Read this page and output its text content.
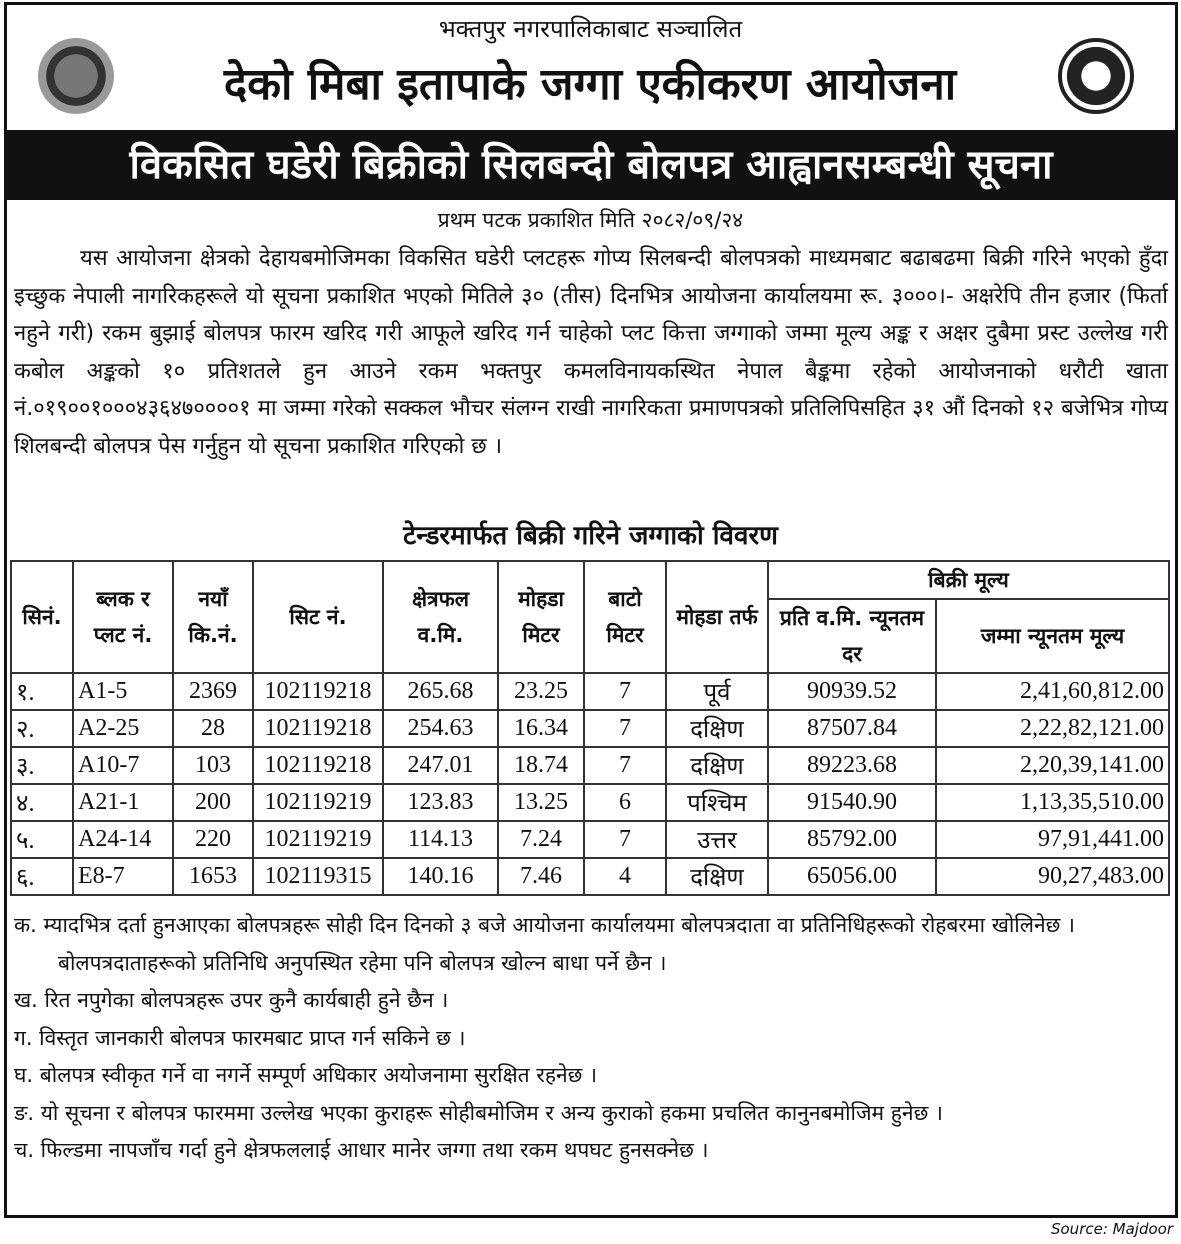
भक्तपुर नगरपालिकाबाट सञ्चालित
देको मिबा इतापाके जग्गा एकीकरण आयोजना
विकसित घडेरी बिक्रीको सिलबन्दी बोलपत्र आह्वानसम्बन्धी सूचना
प्रथम पटक प्रकाशित मिति २०८२/०९/२४
यस आयोजना क्षेत्रको देहायबमोजिमका विकसित घडेरी प्लटहरू गोप्य सिलबन्दी बोलपत्रको माध्यमबाट बढाबढमा बिक्री गरिने भएको हुँदा इच्छुक नेपाली नागरिकहरूले यो सूचना प्रकाशित भएको मितिले ३० (तीस) दिनभित्र आयोजना कार्यालयमा रू. ३०००।- अक्षरेपि तीन हजार (फिर्ता नहुने गरी) रकम बुझाई बोलपत्र फारम खरिद गरी आफूले खरिद गर्न चाहेको प्लट कित्ता जग्गाको जम्मा मूल्य अङ्क र अक्षर दुबैमा प्रस्ट उल्लेख गरी कबोल अङ्कको १० प्रतिशतले हुन आउने रकम भक्तपुर कमलविनायकस्थित नेपाल बैङ्कमा रहेको आयोजनाको धरौटी खाता नं.०१९००१०००४३६४७००००१ मा जम्मा गरेको सक्कल भौचर संलग्न राखी नागरिकता प्रमाणपत्रको प्रतिलिपिसहित ३१ औं दिनको १२ बजेभित्र गोप्य शिलबन्दी बोलपत्र पेस गर्नुहुन यो सूचना प्रकाशित गरिएको छ ।
टेन्डरमार्फत बिक्री गरिने जग्गाको विवरण
सिनं.	ब्लक र प्लट नं.	नयाँ कि.नं.	सिट नं.	क्षेत्रफल व.मि.	मोहडा मिटर	बाटो मिटर	मोहडा तर्फ	बिक्री मूल्य	
								प्रति व.मि. न्यूनतम दर	जम्मा न्यूनतम मूल्य
१.	A1-5	2369	102119218	265.68	23.25	7	पूर्व	90939.52	2,41,60,812.00
२.	A2-25	28	102119218	254.63	16.34	7	दक्षिण	87507.84	2,22,82,121.00
३.	A10-7	103	102119218	247.01	18.74	7	दक्षिण	89223.68	2,20,39,141.00
४.	A21-1	200	102119219	123.83	13.25	6	पश्चिम	91540.90	1,13,35,510.00
५.	A24-14	220	102119219	114.13	7.24	7	उत्तर	85792.00	97,91,441.00
६.	E8-7	1653	102119315	140.16	7.46	4	दक्षिण	65056.00	90,27,483.00
क. म्यादभित्र दर्ता हुनआएका बोलपत्रहरू सोही दिन दिनको ३ बजे आयोजना कार्यालयमा बोलपत्रदाता वा प्रतिनिधिहरूको रोहबरमा खोलिनेछ । बोलपत्रदाताहरूको प्रतिनिधि अनुपस्थित रहेमा पनि बोलपत्र खोल्न बाधा पर्ने छैन ।
ख. रित नपुगेका बोलपत्रहरू उपर कुनै कार्यबाही हुने छैन ।
ग. विस्तृत जानकारी बोलपत्र फारमबाट प्राप्त गर्न सकिने छ ।
घ. बोलपत्र स्वीकृत गर्ने वा नगर्ने सम्पूर्ण अधिकार अयोजनामा सुरक्षित रहनेछ ।
ङ. यो सूचना र बोलपत्र फारममा उल्लेख भएका कुराहरू सोहीबमोजिम र अन्य कुराको हकमा प्रचलित कानुनबमोजिम हुनेछ ।
च. फिल्डमा नापजाँच गर्दा हुने क्षेत्रफललाई आधार मानेर जग्गा तथा रकम थपघट हुनसक्नेछ ।
Source: Majdoor
